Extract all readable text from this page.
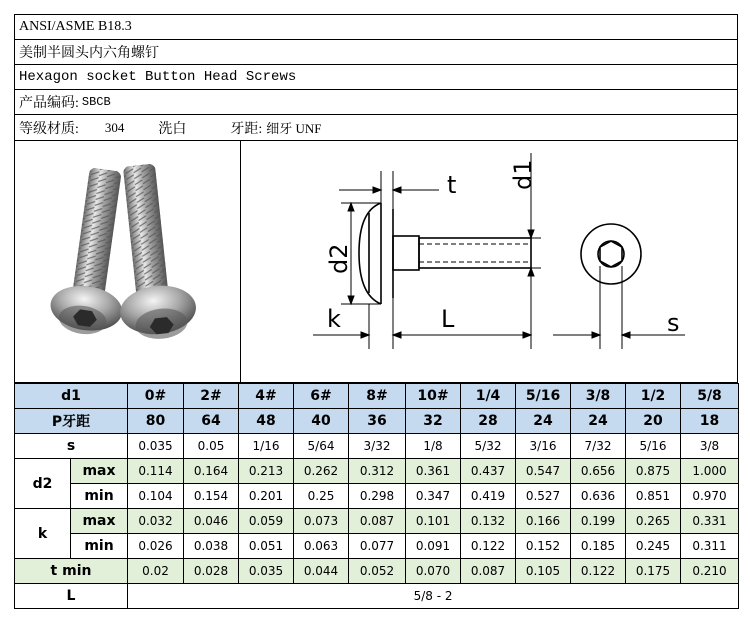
ANSI/ASME B18.3
美制半圆头内六角螺钉
Hexagon socket Button Head Screws
产品编码: SBCB
等级材质: 304 洗白	牙距: 细牙 UNF
t d1
d2
k	L	s
d1		0#	2#	4#	6#	8#	10#	1/4	5/16	3/8	1/2	5/8
P牙距		80	64	48	40	36	32	28	24	24	20	18
s		0.035	0.05	1/16	5/64	3/32	1/8	5/32	3/16	7/32	5/16	3/8
d2	max	0.114	0.164	0.213	0.262	0.312	0.361	0.437	0.547	0.656	0.875	1.000
	min	0.104	0.154	0.201	0.25	0.298	0.347	0.419	0.527	0.636	0.851	0.970
k	max	0.032	0.046	0.059	0.073	0.087	0.101	0.132	0.166	0.199	0.265	0.331
	min	0.026	0.038	0.051	0.063	0.077	0.091	0.122	0.152	0.185	0.245	0.311
t min		0.02	0.028	0.035	0.044	0.052	0.070	0.087	0.105	0.122	0.175	0.210
L		5/8 - 2										
